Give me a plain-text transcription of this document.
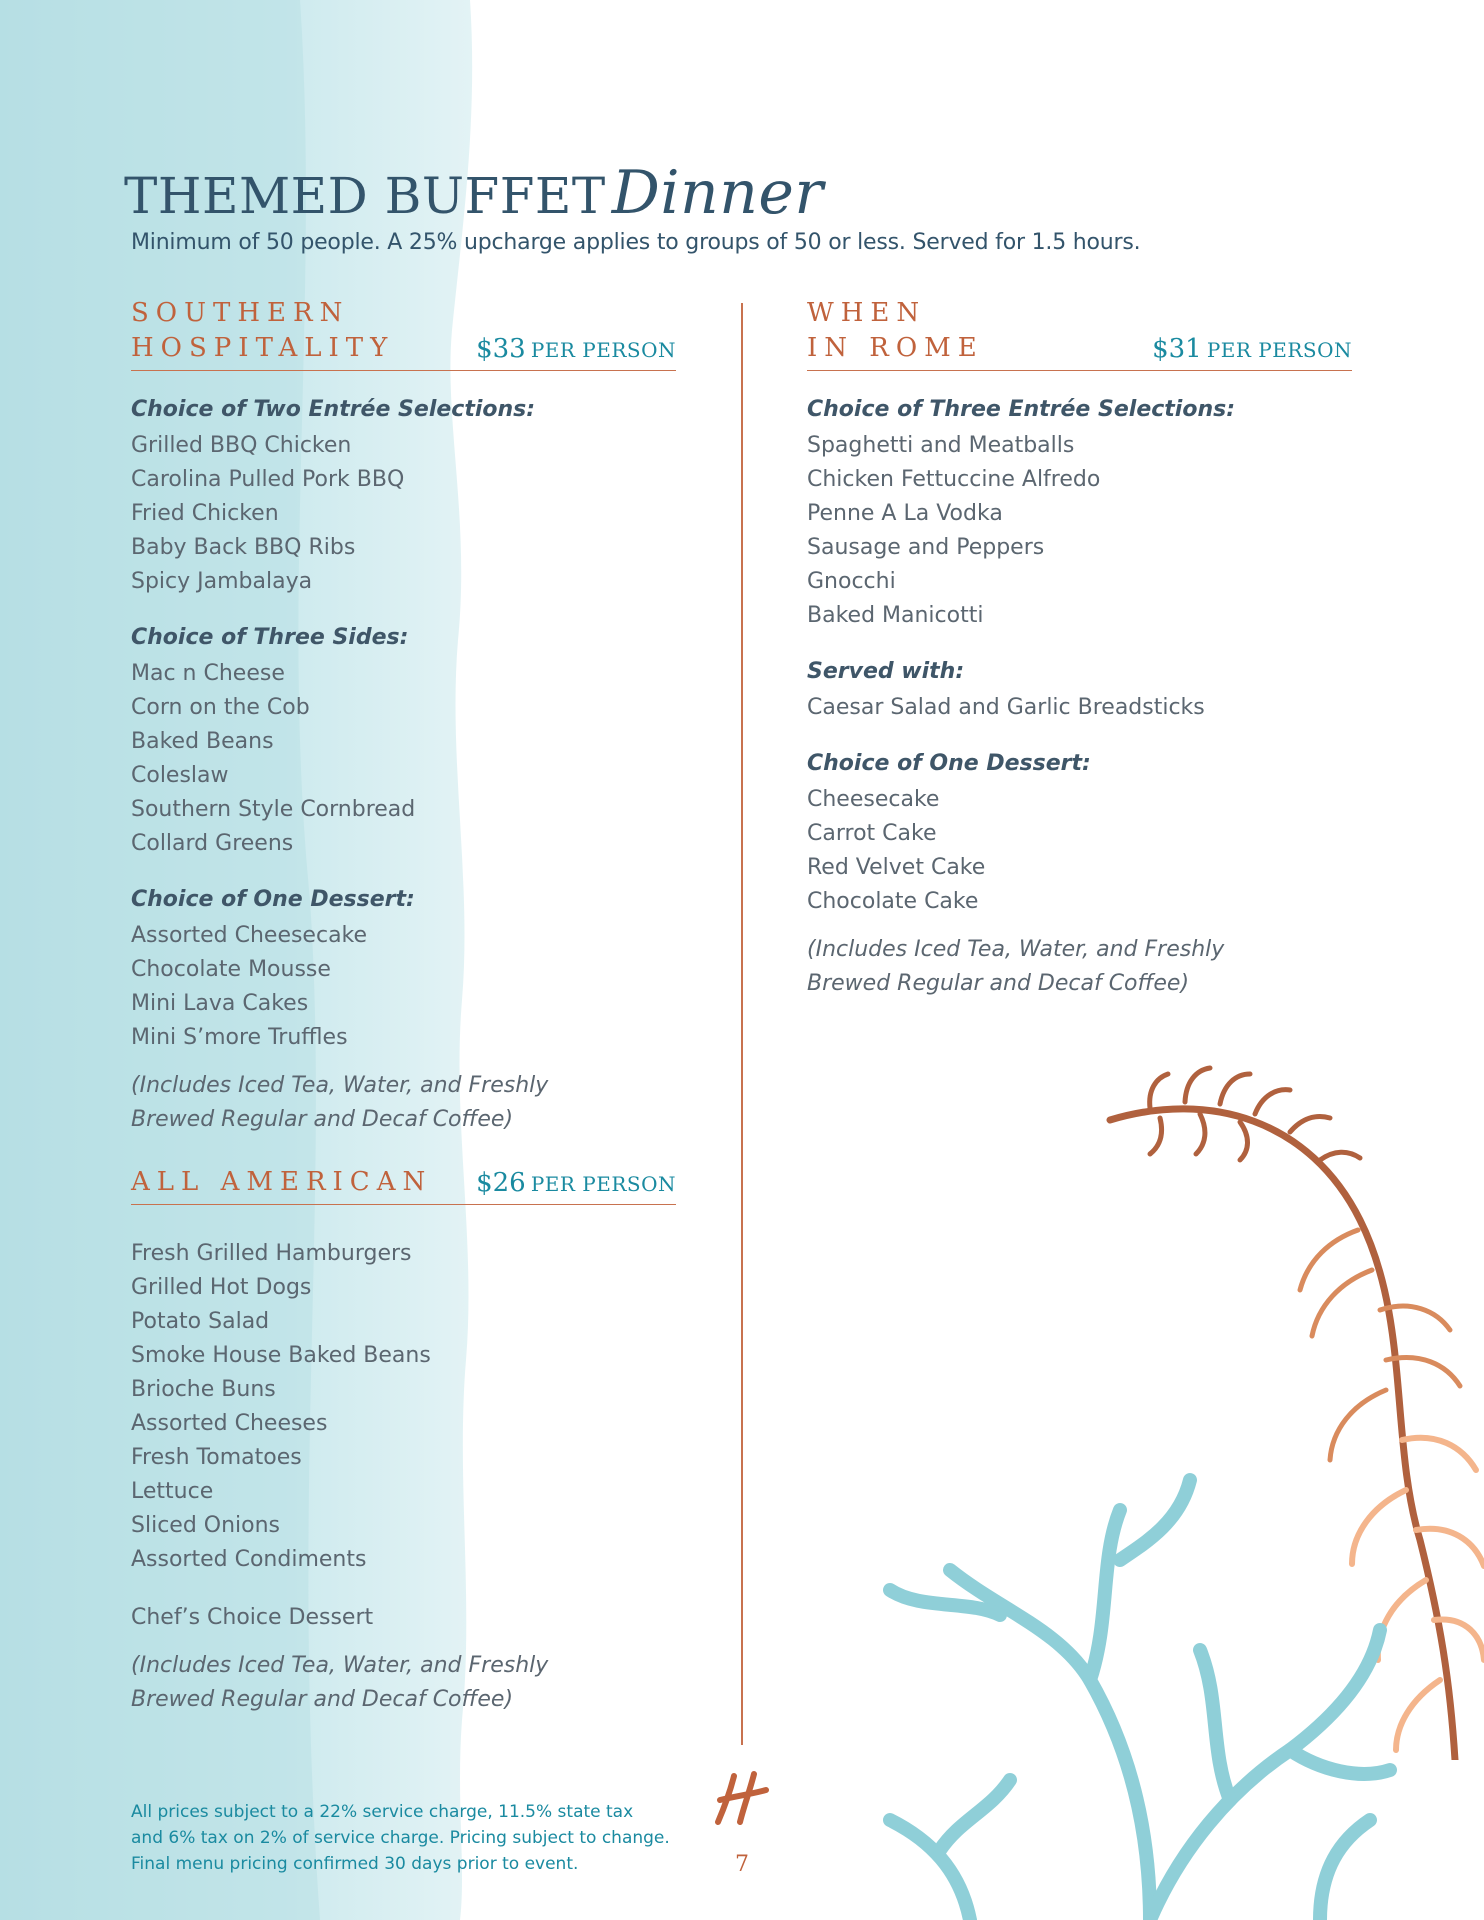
THEMED BUFFET Dinner

Minimum of 50 people. A 25% upcharge applies to groups of 50 or less. Served for 1.5 hours.

SOUTHERN
HOSPITALITY	$33 PER PERSON

Choice of Two Entrée Selections:

Grilled BBQ Chicken
Carolina Pulled Pork BBQ
Fried Chicken
Baby Back BBQ Ribs
Spicy Jambalaya

Choice of Three Sides:

Mac n Cheese
Corn on the Cob
Baked Beans
Coleslaw
Southern Style Cornbread
Collard Greens

Choice of One Dessert:

Assorted Cheesecake
Chocolate Mousse
Mini Lava Cakes
Mini S’more Truffles

(Includes Iced Tea, Water, and Freshly Brewed Regular and Decaf Coffee)

ALL AMERICAN	$26 PER PERSON
Fresh Grilled Hamburgers
Grilled Hot Dogs
Potato Salad
Smoke House Baked Beans
Brioche Buns
Assorted Cheeses
Fresh Tomatoes
Lettuce
Sliced Onions
Assorted Condiments

Chef’s Choice Dessert

(Includes Iced Tea, Water, and Freshly Brewed Regular and Decaf Coffee)

WHEN
IN ROME	$31 PER PERSON

Choice of Three Entrée Selections:

Spaghetti and Meatballs
Chicken Fettuccine Alfredo
Penne A La Vodka
Sausage and Peppers
Gnocchi
Baked Manicotti

Served with:

Caesar Salad and Garlic Breadsticks

Choice of One Dessert:

Cheesecake
Carrot Cake
Red Velvet Cake
Chocolate Cake

(Includes Iced Tea, Water, and Freshly Brewed Regular and Decaf Coffee)

All prices subject to a 22% service charge, 11.5% state tax
and 6% tax on 2% of service charge. Pricing subject to change.
Final menu pricing confirmed 30 days prior to event.	7
